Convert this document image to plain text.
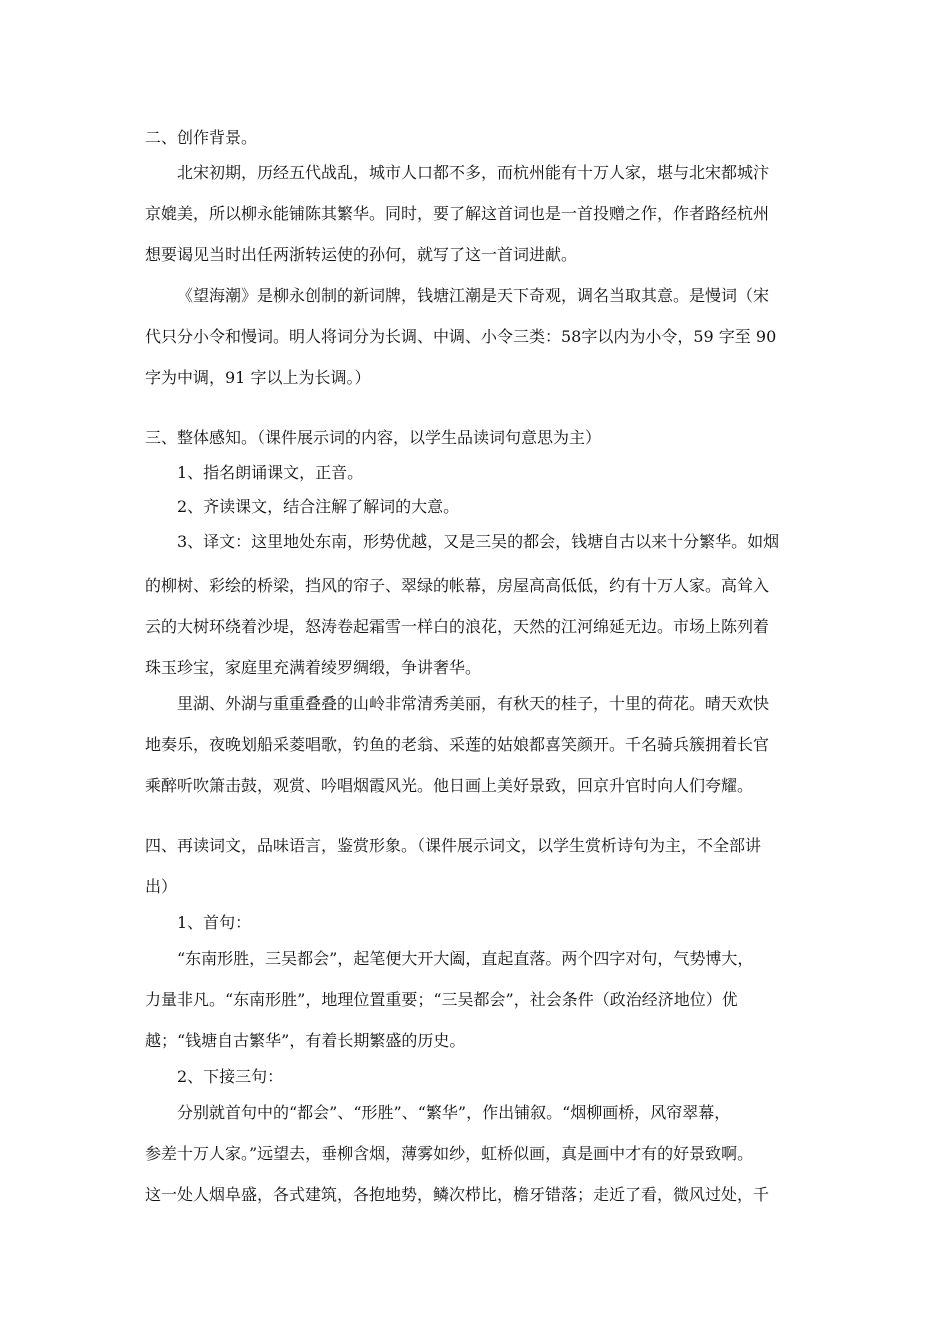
二、创作背景。
北宋初期，历经五代战乱，城市人口都不多，而杭州能有十万人家，堪与北宋都城汴
京媲美，所以柳永能铺陈其繁华。同时，要了解这首词也是一首投赠之作，作者路经杭州
想要谒见当时出任两浙转运使的孙何，就写了这一首词进献。
《望海潮》是柳永创制的新词牌，钱塘江潮是天下奇观，调名当取其意。是慢词（宋
代只分小令和慢词。明人将词分为长调、中调、小令三类：58字以内为小令，59 字至 90
字为中调，91 字以上为长调。）
三、整体感知。（课件展示词的内容，以学生品读词句意思为主）
1、指名朗诵课文，正音。
2、齐读课文，结合注解了解词的大意。
3、译文：这里地处东南，形势优越，又是三吴的都会，钱塘自古以来十分繁华。如烟
的柳树、彩绘的桥梁，挡风的帘子、翠绿的帐幕，房屋高高低低，约有十万人家。高耸入
云的大树环绕着沙堤，怒涛卷起霜雪一样白的浪花，天然的江河绵延无边。市场上陈列着
珠玉珍宝，家庭里充满着绫罗绸缎，争讲奢华。
里湖、外湖与重重叠叠的山岭非常清秀美丽，有秋天的桂子，十里的荷花。晴天欢快
地奏乐，夜晚划船采菱唱歌，钓鱼的老翁、采莲的姑娘都喜笑颜开。千名骑兵簇拥着长官
乘醉听吹箫击鼓，观赏、吟唱烟霞风光。他日画上美好景致，回京升官时向人们夸耀。
四、再读词文，品味语言，鉴赏形象。（课件展示词文，以学生赏析诗句为主，不全部讲
出）
1、首句：
“东南形胜，三吴都会”，起笔便大开大阖，直起直落。两个四字对句，气势博大，
力量非凡。“东南形胜”，地理位置重要；“三吴都会”，社会条件（政治经济地位）优
越；“钱塘自古繁华”，有着长期繁盛的历史。
2、下接三句：
分别就首句中的“都会”、“形胜”、“繁华”，作出铺叙。“烟柳画桥，风帘翠幕，
参差十万人家。”远望去，垂柳含烟，薄雾如纱，虹桥似画，真是画中才有的好景致啊。
这一处人烟阜盛，各式建筑，各抱地势，鳞次栉比，檐牙错落；走近了看，微风过处，千
